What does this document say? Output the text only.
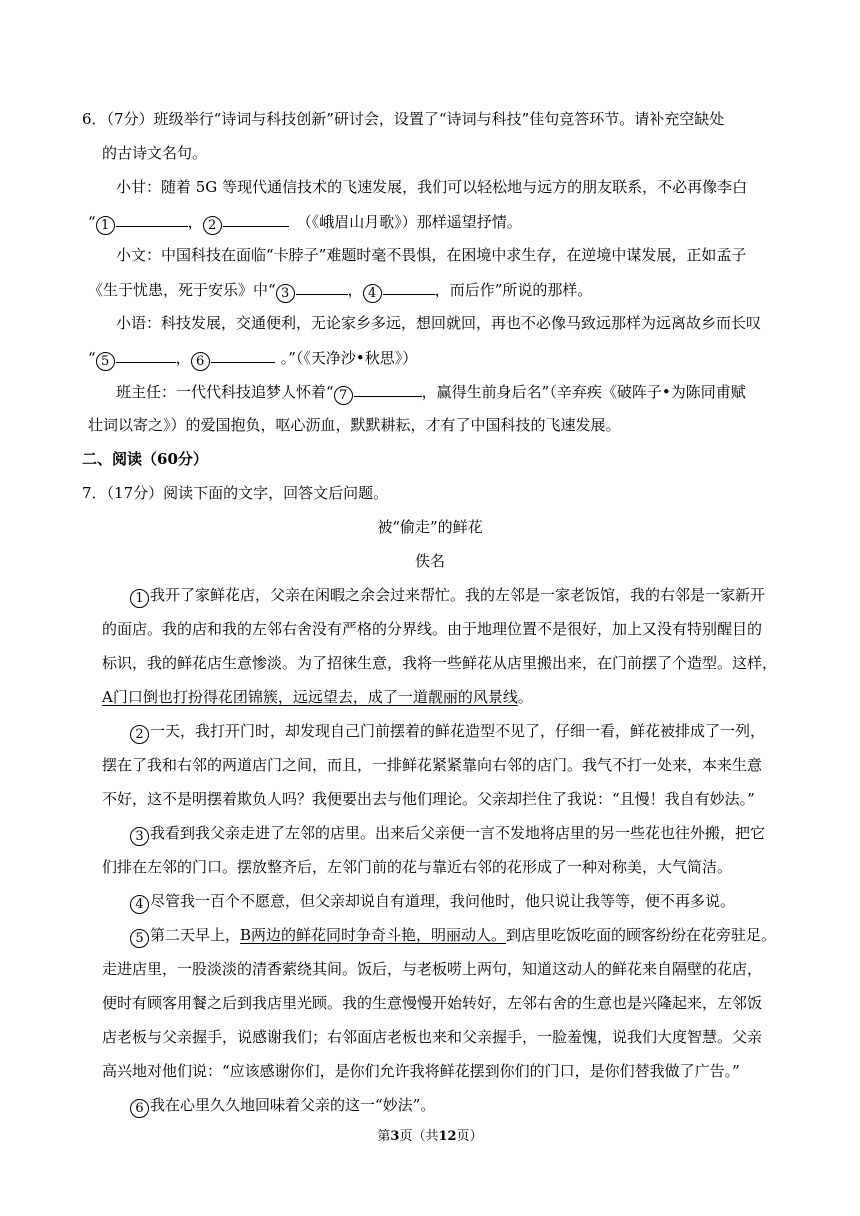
6．（7分）班级举行“诗词与科技创新”研讨会，设置了“诗词与科技”佳句竞答环节。请补充空缺处
的古诗文名句。
小甘：随着 5G 等现代通信技术的飞速发展，我们可以轻松地与远方的朋友联系，不必再像李白
“ 1	， 2	（《峨眉山月歌》）那样遥望抒情。
小文：中国科技在面临“卡脖子”难题时毫不畏惧，在困境中求生存，在逆境中谋发展，正如孟子
《生于忧患，死于安乐》中“ 3	， 4	，而后作”所说的那样。
小语：科技发展，交通便利，无论家乡多远，想回就回，再也不必像马致远那样为远离故乡而长叹
“ 5	， 6	。”（《天净沙•秋思》）
班主任：一代代科技追梦人怀着“ 7	，赢得生前身后名”（辛弃疾《破阵子•为陈同甫赋
壮词以寄之》）的爱国抱负，呕心沥血，默默耕耘，才有了中国科技的飞速发展。
二、阅读（60分）
7．（17分）阅读下面的文字，回答文后问题。
被“偷走”的鲜花
佚名
1 我开了家鲜花店，父亲在闲暇之余会过来帮忙。我的左邻是一家老饭馆，我的右邻是一家新开
的面店。我的店和我的左邻右舍没有严格的分界线。由于地理位置不是很好，加上又没有特别醒目的
标识，我的鲜花店生意惨淡。为了招徕生意，我将一些鲜花从店里搬出来，在门前摆了个造型。这样，
A门口倒也打扮得花团锦簇，远远望去，成了一道靓丽的风景线。
2 一天，我打开门时，却发现自己门前摆着的鲜花造型不见了，仔细一看，鲜花被排成了一列，
摆在了我和右邻的两道店门之间，而且，一排鲜花紧紧靠向右邻的店门。我气不打一处来，本来生意
不好，这不是明摆着欺负人吗？我便要出去与他们理论。父亲却拦住了我说：“且慢！我自有妙法。”
3 我看到我父亲走进了左邻的店里。出来后父亲便一言不发地将店里的另一些花也往外搬，把它
们排在左邻的门口。摆放整齐后，左邻门前的花与靠近右邻的花形成了一种对称美，大气简洁。
4 尽管我一百个不愿意，但父亲却说自有道理，我问他时，他只说让我等等，便不再多说。
5 第二天早上，B两边的鲜花同时争奇斗艳，明丽动人。到店里吃饭吃面的顾客纷纷在花旁驻足。
走进店里，一股淡淡的清香萦绕其间。饭后，与老板唠上两句，知道这动人的鲜花来自隔壁的花店，
便时有顾客用餐之后到我店里光顾。我的生意慢慢开始转好，左邻右舍的生意也是兴隆起来，左邻饭
店老板与父亲握手，说感谢我们；右邻面店老板也来和父亲握手，一脸羞愧，说我们大度智慧。父亲
高兴地对他们说：“应该感谢你们，是你们允许我将鲜花摆到你们的门口，是你们替我做了广告。”
6 我在心里久久地回味着父亲的这一“妙法”。
第3页（共12页）
